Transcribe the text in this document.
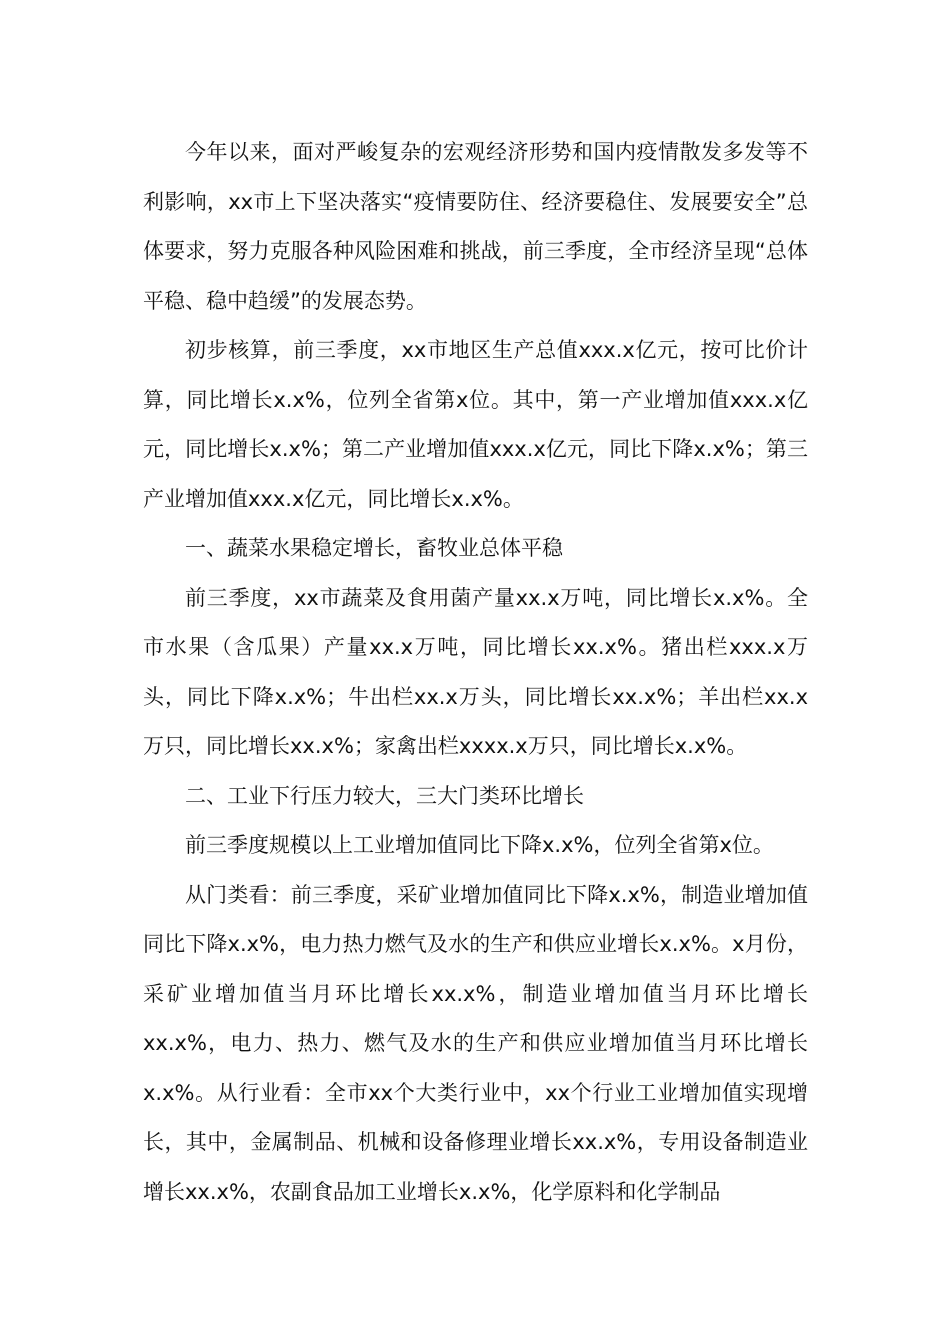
今年以来，面对严峻复杂的宏观经济形势和国内疫情散发多发等不利影响，xx市上下坚决落实“疫情要防住、经济要稳住、发展要安全”总体要求，努力克服各种风险困难和挑战，前三季度，全市经济呈现“总体平稳、稳中趋缓”的发展态势。

初步核算，前三季度，xx市地区生产总值xxx.x亿元，按可比价计算，同比增长x.x%，位列全省第x位。其中，第一产业增加值xxx.x亿元，同比增长x.x%；第二产业增加值xxx.x亿元，同比下降x.x%；第三产业增加值xxx.x亿元，同比增长x.x%。

一、蔬菜水果稳定增长，畜牧业总体平稳

前三季度，xx市蔬菜及食用菌产量xx.x万吨，同比增长x.x%。全市水果（含瓜果）产量xx.x万吨，同比增长xx.x%。猪出栏xxx.x万头，同比下降x.x%；牛出栏xx.x万头，同比增长xx.x%；羊出栏xx.x万只，同比增长xx.x%；家禽出栏xxxx.x万只，同比增长x.x%。

二、工业下行压力较大，三大门类环比增长

前三季度规模以上工业增加值同比下降x.x%，位列全省第x位。

从门类看：前三季度，采矿业增加值同比下降x.x%，制造业增加值同比下降x.x%，电力热力燃气及水的生产和供应业增长x.x%。x月份，采矿业增加值当月环比增长xx.x%，制造业增加值当月环比增长xx.x%，电力、热力、燃气及水的生产和供应业增加值当月环比增长x.x%。从行业看：全市xx个大类行业中，xx个行业工业增加值实现增长，其中，金属制品、机械和设备修理业增长xx.x%，专用设备制造业增长xx.x%，农副食品加工业增长x.x%，化学原料和化学制品
